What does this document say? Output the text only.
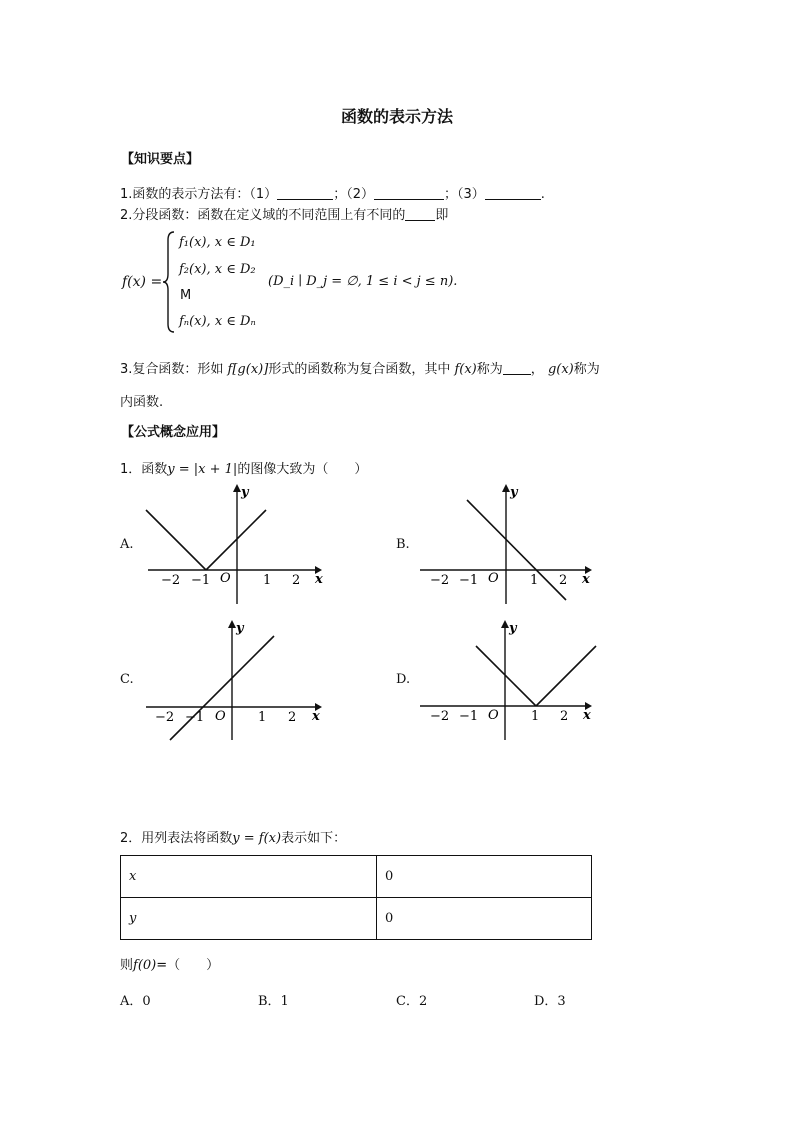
函数的表示方法
【知识要点】
1.函数的表示方法有：（1）	；（2）	；（3）	.
2.分段函数：函数在定义域的不同范围上有不同的 即
f(x) =
f₁(x), x ∈ D₁
f₂(x), x ∈ D₂
M
fₙ(x), x ∈ Dₙ
(D_i ∣ D_j = ∅, 1 ≤ i < j ≤ n).
3.复合函数：形如 f[g(x)]形式的函数称为复合函数，其中 f(x)称为 ， g(x)称为
内函数.
【公式概念应用】
1．函数y = |x + 1|的图像大致为（　　）
A.
−2 −1 O 1 2 x
y
B.
−2 −1 O 1 2 x
y
C.
−2 −1 O 1 2 x
y
D.
−2 −1 O 1 2 x
y
2．用列表法将函数y = f(x)表示如下：
x	0
y	0
则f(0)=（　　）
A．0	B．1	C．2	D．3
